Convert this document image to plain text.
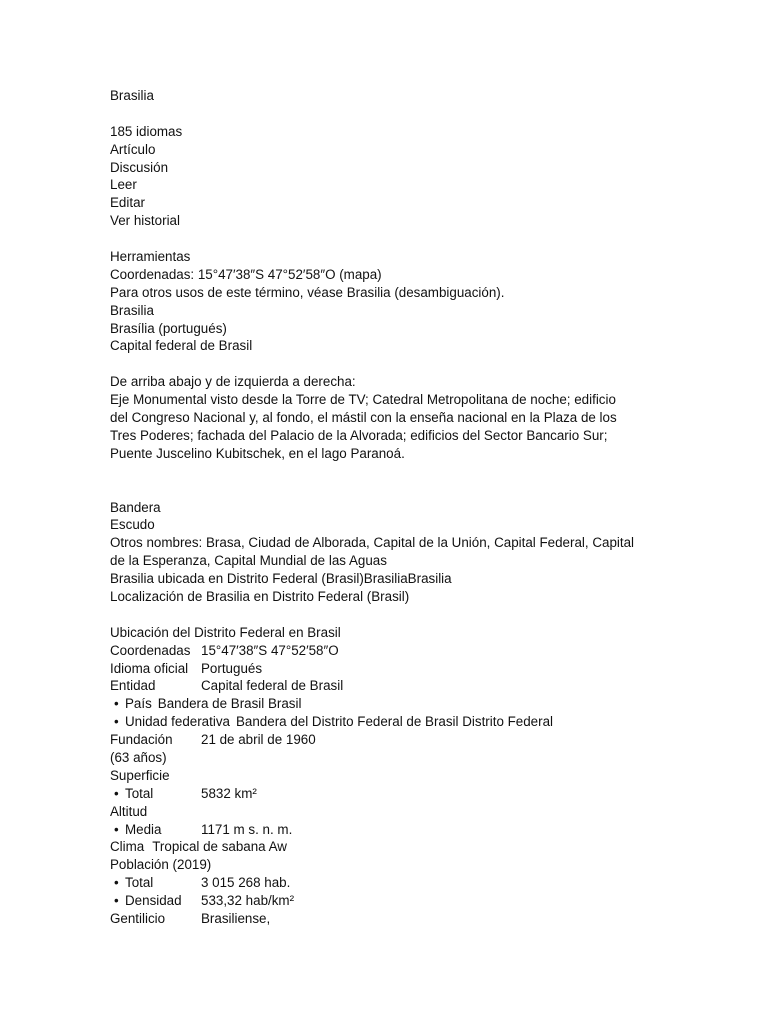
Brasilia
185 idiomas
Artículo
Discusión
Leer
Editar
Ver historial
Herramientas
Coordenadas: 15°47′38″S 47°52′58″O (mapa)
Para otros usos de este término, véase Brasilia (desambiguación).
Brasilia
Brasília (portugués)
Capital federal de Brasil
De arriba abajo y de izquierda a derecha:
Eje Monumental visto desde la Torre de TV; Catedral Metropolitana de noche; edificio
del Congreso Nacional y, al fondo, el mástil con la enseña nacional en la Plaza de los
Tres Poderes; fachada del Palacio de la Alvorada; edificios del Sector Bancario Sur;
Puente Juscelino Kubitschek, en el lago Paranoá.
Bandera
Escudo
Otros nombres: Brasa, Ciudad de Alborada, Capital de la Unión, Capital Federal, Capital
de la Esperanza, Capital Mundial de las Aguas
Brasilia ubicada en Distrito Federal (Brasil)BrasiliaBrasilia
Localización de Brasilia en Distrito Federal (Brasil)
Ubicación del Distrito Federal en Brasil
Coordenadas 15°47′38″S 47°52′58″O
Idioma oficial Portugués
Entidad	Capital federal de Brasil
• País Bandera de Brasil Brasil
• Unidad federativa Bandera del Distrito Federal de Brasil Distrito Federal
Fundación 21 de abril de 1960
(63 años)
Superficie
• Total	5832 km²
Altitud
• Media	1171 m s. n. m.
Clima Tropical de sabana Aw
Población (2019)
• Total	3 015 268 hab.
• Densidad 533,32 hab/km²
Gentilicio	Brasiliense,
